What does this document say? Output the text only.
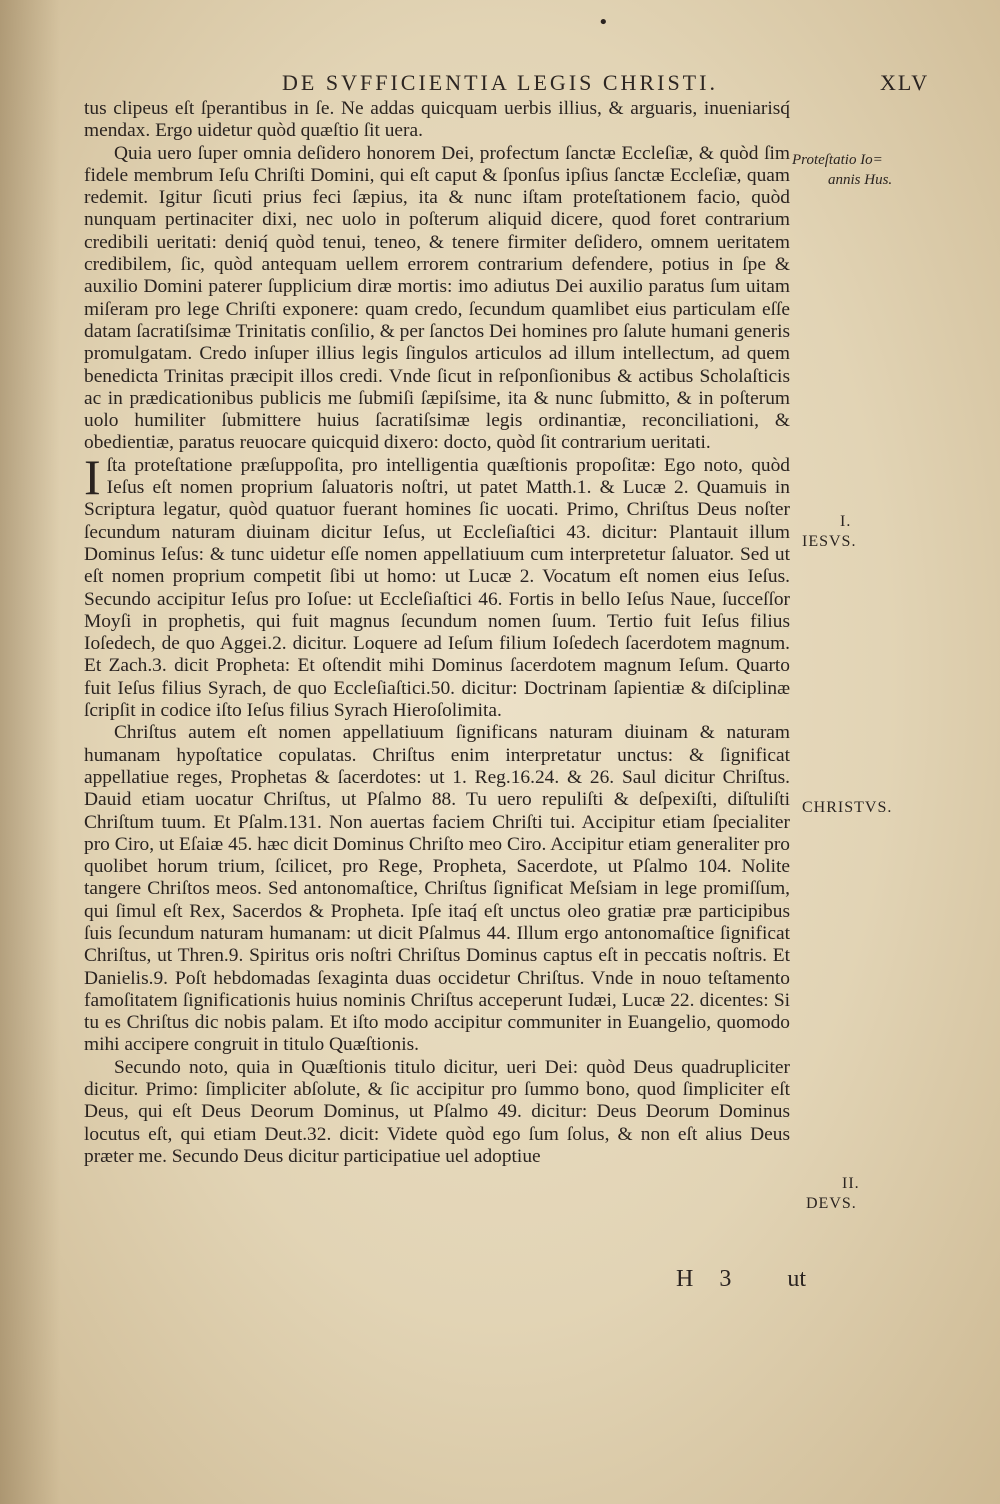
•
DE SVFFICIENTIA LEGIS CHRISTI.	XLV

tus clipeus eſt ſperantibus in ſe. Ne addas quicquam uerbis illius, & arguaris, inueniarisq́ mendax. Ergo uidetur quòd quæſtio ſit uera.

Quia uero ſuper omnia deſidero honorem Dei, profectum ſanctæ Eccleſiæ, & quòd ſim fidele membrum Ieſu Chriſti Domini, qui eſt caput & ſponſus ipſius ſanctæ Eccleſiæ, quam redemit. Igitur ſicuti prius feci ſæpius, ita & nunc iſtam proteſtationem facio, quòd nunquam pertinaciter dixi, nec uolo in poſterum aliquid dicere, quod foret contrarium credibili ueritati: deniq́ quòd tenui, teneo, & tenere firmiter deſidero, omnem ueritatem credibilem, ſic, quòd antequam uellem errorem contrarium defendere, potius in ſpe & auxilio Domini paterer ſupplicium diræ mortis: imo adiutus Dei auxilio paratus ſum uitam miſeram pro lege Chriſti exponere: quam credo, ſecundum quamlibet eius particulam eſſe datam ſacratiſsimæ Trinitatis conſilio, & per ſanctos Dei homines pro ſalute humani generis promulgatam. Credo inſuper illius legis ſingulos articulos ad illum intellectum, ad quem benedicta Trinitas præcipit illos credi. Vnde ſicut in reſponſionibus & actibus Scholaſticis ac in prædicationibus publicis me ſubmiſi ſæpiſsime, ita & nunc ſubmitto, & in poſterum uolo humiliter ſubmittere huius ſacratiſsimæ legis ordinantiæ, reconciliationi, & obedientiæ, paratus reuocare quicquid dixero: docto, quòd ſit contrarium ueritati.

Iſta proteſtatione præſuppoſita, pro intelligentia quæſtionis propoſitæ: Ego noto, quòd Ieſus eſt nomen proprium ſaluatoris noſtri, ut patet Matth.1. & Lucæ 2. Quamuis in Scriptura legatur, quòd quatuor fuerant homines ſic uocati. Primo, Chriſtus Deus noſter ſecundum naturam diuinam dicitur Ieſus, ut Eccleſiaſtici 43. dicitur: Plantauit illum Dominus Ieſus: & tunc uidetur eſſe nomen appellatiuum cum interpretetur ſaluator. Sed ut eſt nomen proprium competit ſibi ut homo: ut Lucæ 2. Vocatum eſt nomen eius Ieſus. Secundo accipitur Ieſus pro Ioſue: ut Eccleſiaſtici 46. Fortis in bello Ieſus Naue, ſucceſſor Moyſi in prophetis, qui fuit magnus ſecundum nomen ſuum. Tertio fuit Ieſus filius Ioſedech, de quo Aggei.2. dicitur. Loquere ad Ieſum filium Ioſedech ſacerdotem magnum. Et Zach.3. dicit Propheta: Et oſtendit mihi Dominus ſacerdotem magnum Ieſum. Quarto fuit Ieſus filius Syrach, de quo Eccleſiaſtici.50. dicitur: Doctrinam ſapientiæ & diſciplinæ ſcripſit in codice iſto Ieſus filius Syrach Hieroſolimita.

Chriſtus autem eſt nomen appellatiuum ſignificans naturam diuinam & naturam humanam hypoſtatice copulatas. Chriſtus enim interpretatur unctus: & ſignificat appellatiue reges, Prophetas & ſacerdotes: ut 1. Reg.16.24. & 26. Saul dicitur Chriſtus. Dauid etiam uocatur Chriſtus, ut Pſalmo 88. Tu uero repuliſti & deſpexiſti, diſtuliſti Chriſtum tuum. Et Pſalm.131. Non auertas faciem Chriſti tui. Accipitur etiam ſpecialiter pro Ciro, ut Eſaiæ 45. hæc dicit Dominus Chriſto meo Ciro. Accipitur etiam generaliter pro quolibet horum trium, ſcilicet, pro Rege, Propheta, Sacerdote, ut Pſalmo 104. Nolite tangere Chriſtos meos. Sed antonomaſtice, Chriſtus ſignificat Meſsiam in lege promiſſum, qui ſimul eſt Rex, Sacerdos & Propheta. Ipſe itaq́ eſt unctus oleo gratiæ præ participibus ſuis ſecundum naturam humanam: ut dicit Pſalmus 44. Illum ergo antonomaſtice ſignificat Chriſtus, ut Thren.9. Spiritus oris noſtri Chriſtus Dominus captus eſt in peccatis noſtris. Et Danielis.9. Poſt hebdomadas ſexaginta duas occidetur Chriſtus. Vnde in nouo teſtamento famoſitatem ſignificationis huius nominis Chriſtus acceperunt Iudæi, Lucæ 22. dicentes: Si tu es Chriſtus dic nobis palam. Et iſto modo accipitur communiter in Euangelio, quomodo mihi accipere congruit in titulo Quæſtionis.

Secundo noto, quia in Quæſtionis titulo dicitur, ueri Dei: quòd Deus quadrupliciter dicitur. Primo: ſimpliciter abſolute, & ſic accipitur pro ſummo bono, quod ſimpliciter eſt Deus, qui eſt Deus Deorum Dominus, ut Pſalmo 49. dicitur: Deus Deorum Dominus locutus eſt, qui etiam Deut.32. dicit: Videte quòd ego ſum ſolus, & non eſt alius Deus præter me. Secundo Deus dicitur participatiue uel adoptiue

Proteſtatio Io=
annis Hus.
I.
IESVS.
CHRISTVS.
II.
DEVS.
H 3 ut
